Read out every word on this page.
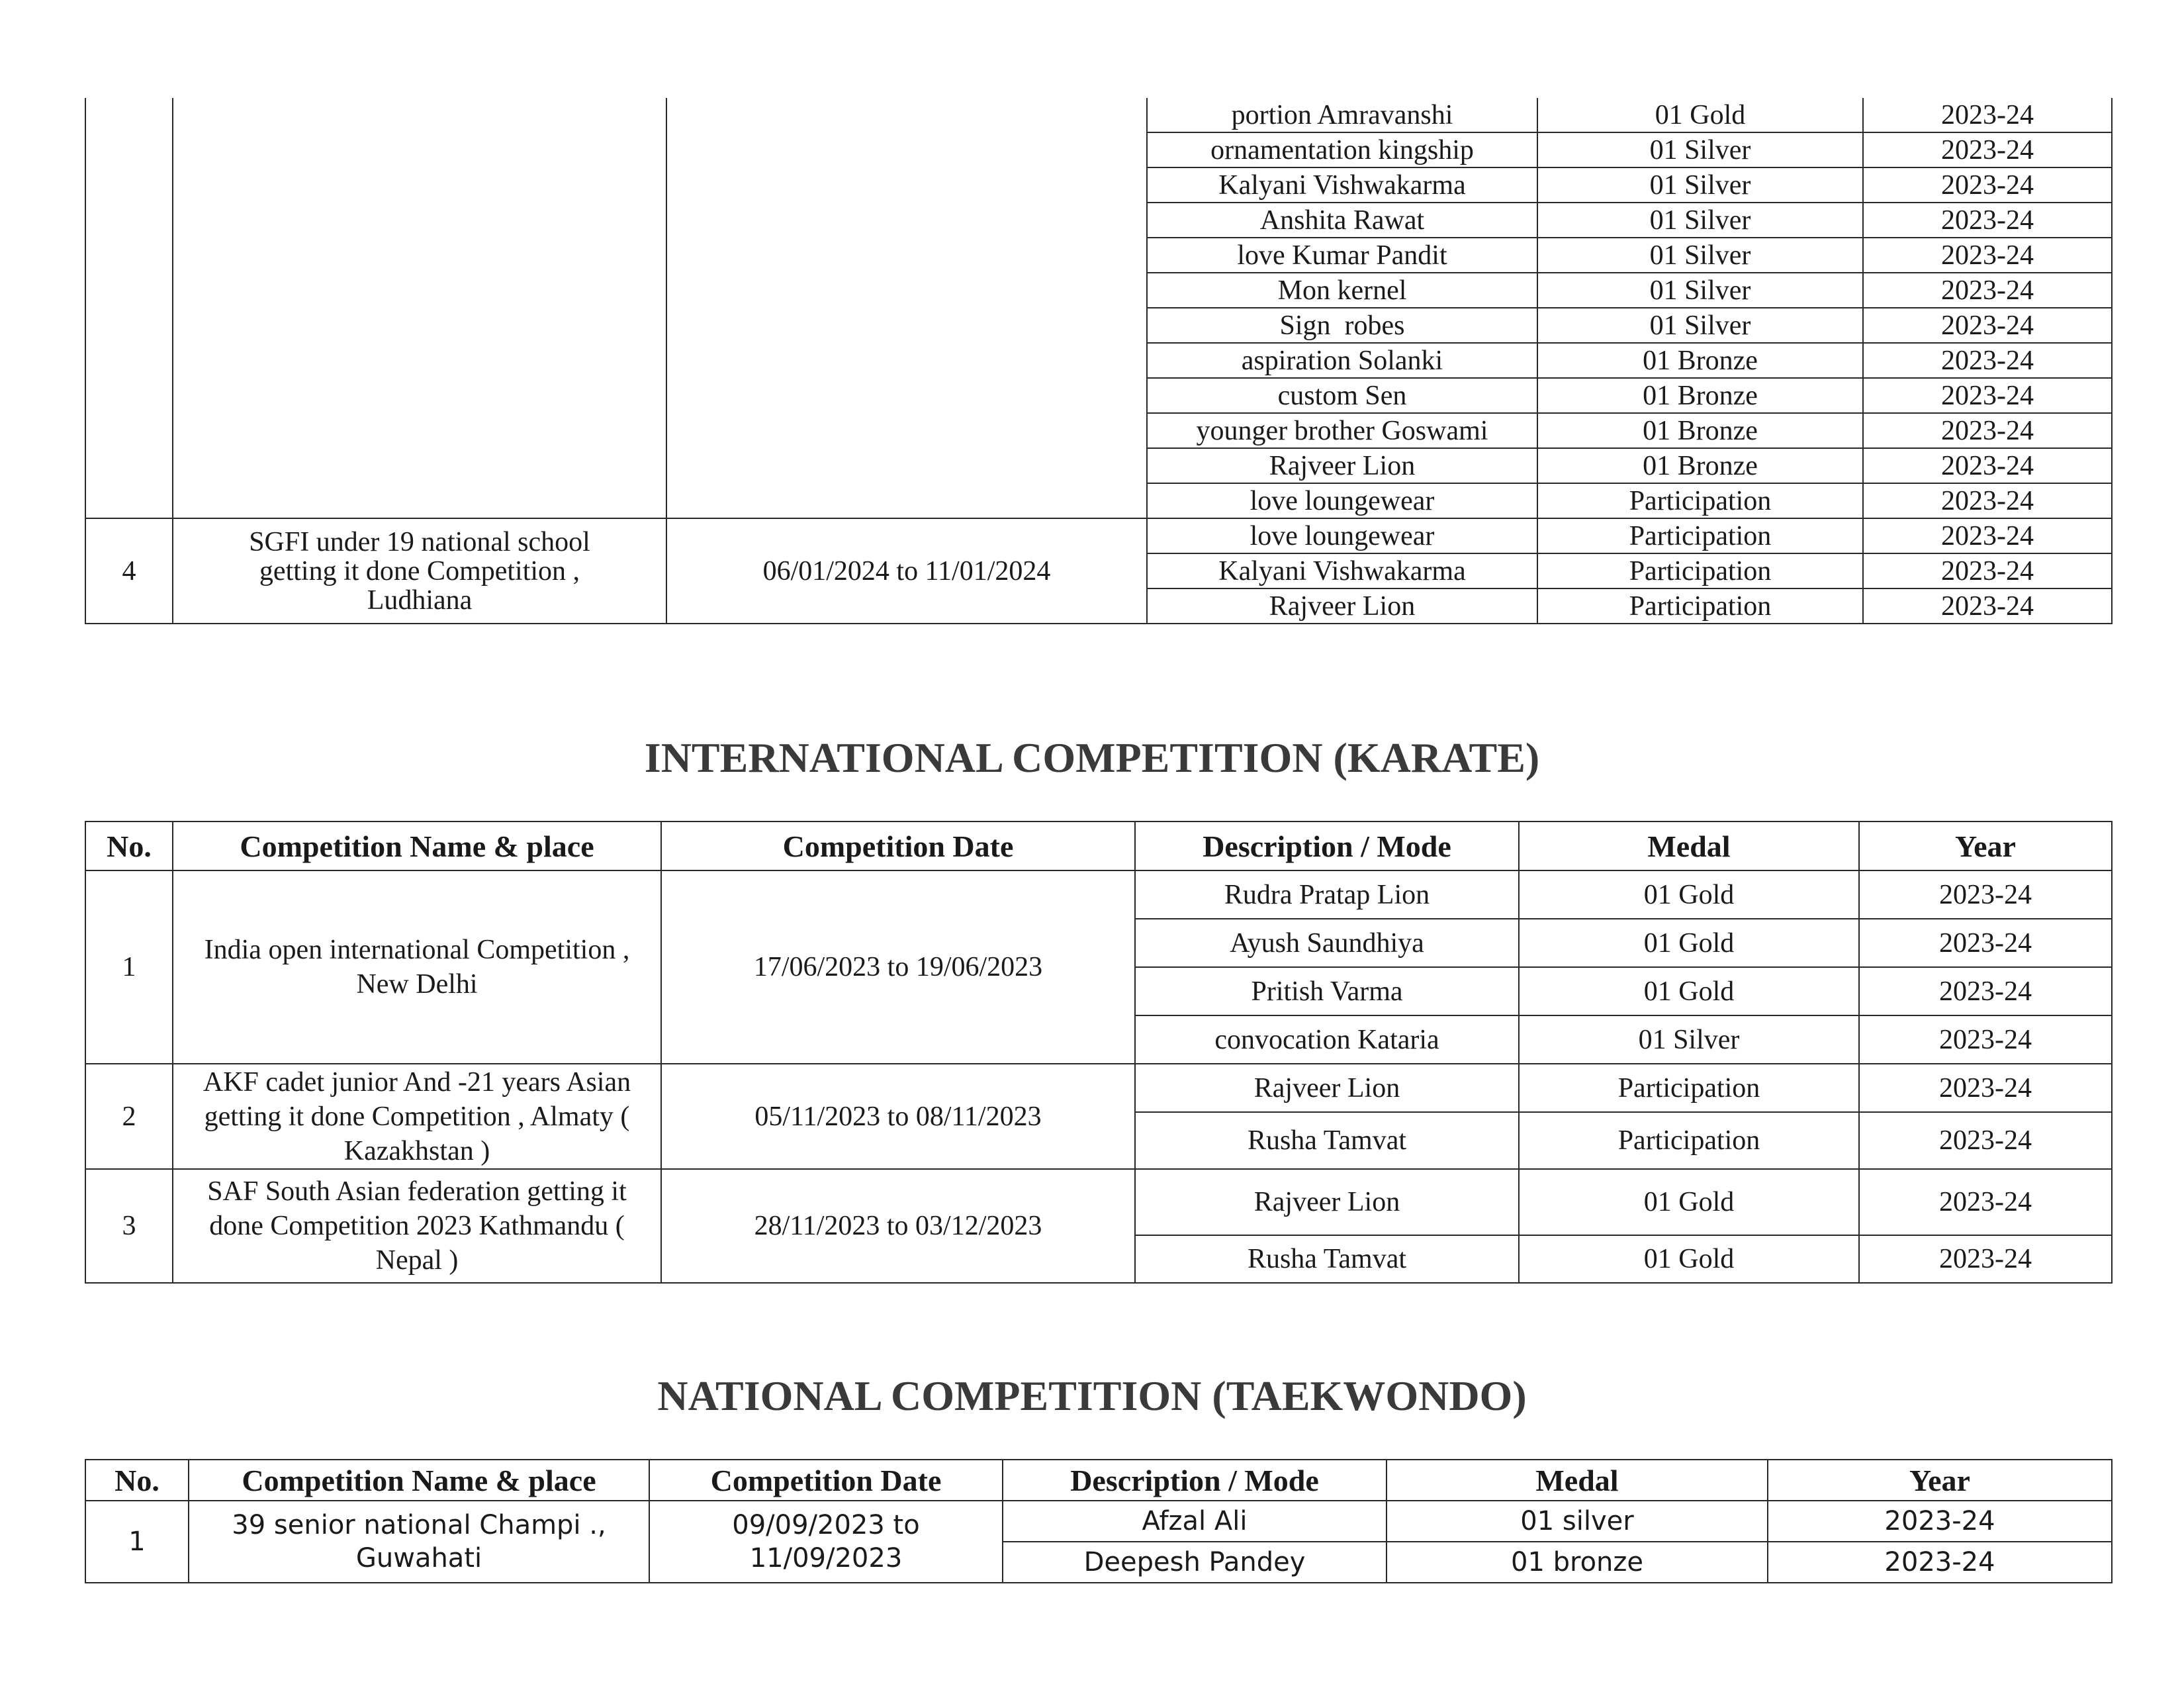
			portion Amravanshi	01 Gold	2023-24
			ornamentation kingship	01 Silver	2023-24
			Kalyani Vishwakarma	01 Silver	2023-24
			Anshita Rawat	01 Silver	2023-24
			love Kumar Pandit	01 Silver	2023-24
			Mon kernel	01 Silver	2023-24
			Sign  robes	01 Silver	2023-24
			aspiration Solanki	01 Bronze	2023-24
			custom Sen	01 Bronze	2023-24
			younger brother Goswami	01 Bronze	2023-24
			Rajveer Lion	01 Bronze	2023-24
			love loungewear	Participation	2023-24
4	SGFI under 19 national school getting it done Competition , Ludhiana	06/01/2024 to 11/01/2024	love loungewear	Participation	2023-24
			Kalyani Vishwakarma	Participation	2023-24
			Rajveer Lion	Participation	2023-24
INTERNATIONAL COMPETITION (KARATE)
No.	Competition Name & place	Competition Date	Description / Mode	Medal	Year
1	India open international Competition , New Delhi	17/06/2023 to 19/06/2023	Rudra Pratap Lion	01 Gold	2023-24
			Ayush Saundhiya	01 Gold	2023-24
			Pritish Varma	01 Gold	2023-24
			convocation Kataria	01 Silver	2023-24
2	AKF cadet junior And -21 years Asian getting it done Competition , Almaty ( Kazakhstan )	05/11/2023 to 08/11/2023	Rajveer Lion	Participation	2023-24
			Rusha Tamvat	Participation	2023-24
3	SAF South Asian federation getting it done Competition 2023 Kathmandu ( Nepal )	28/11/2023 to 03/12/2023	Rajveer Lion	01 Gold	2023-24
			Rusha Tamvat	01 Gold	2023-24
NATIONAL COMPETITION (TAEKWONDO)
No.	Competition Name & place	Competition Date	Description / Mode	Medal	Year
1	39 senior national Champi ., Guwahati	09/09/2023 to 11/09/2023	Afzal Ali	01 silver	2023-24
			Deepesh Pandey	01 bronze	2023-24
